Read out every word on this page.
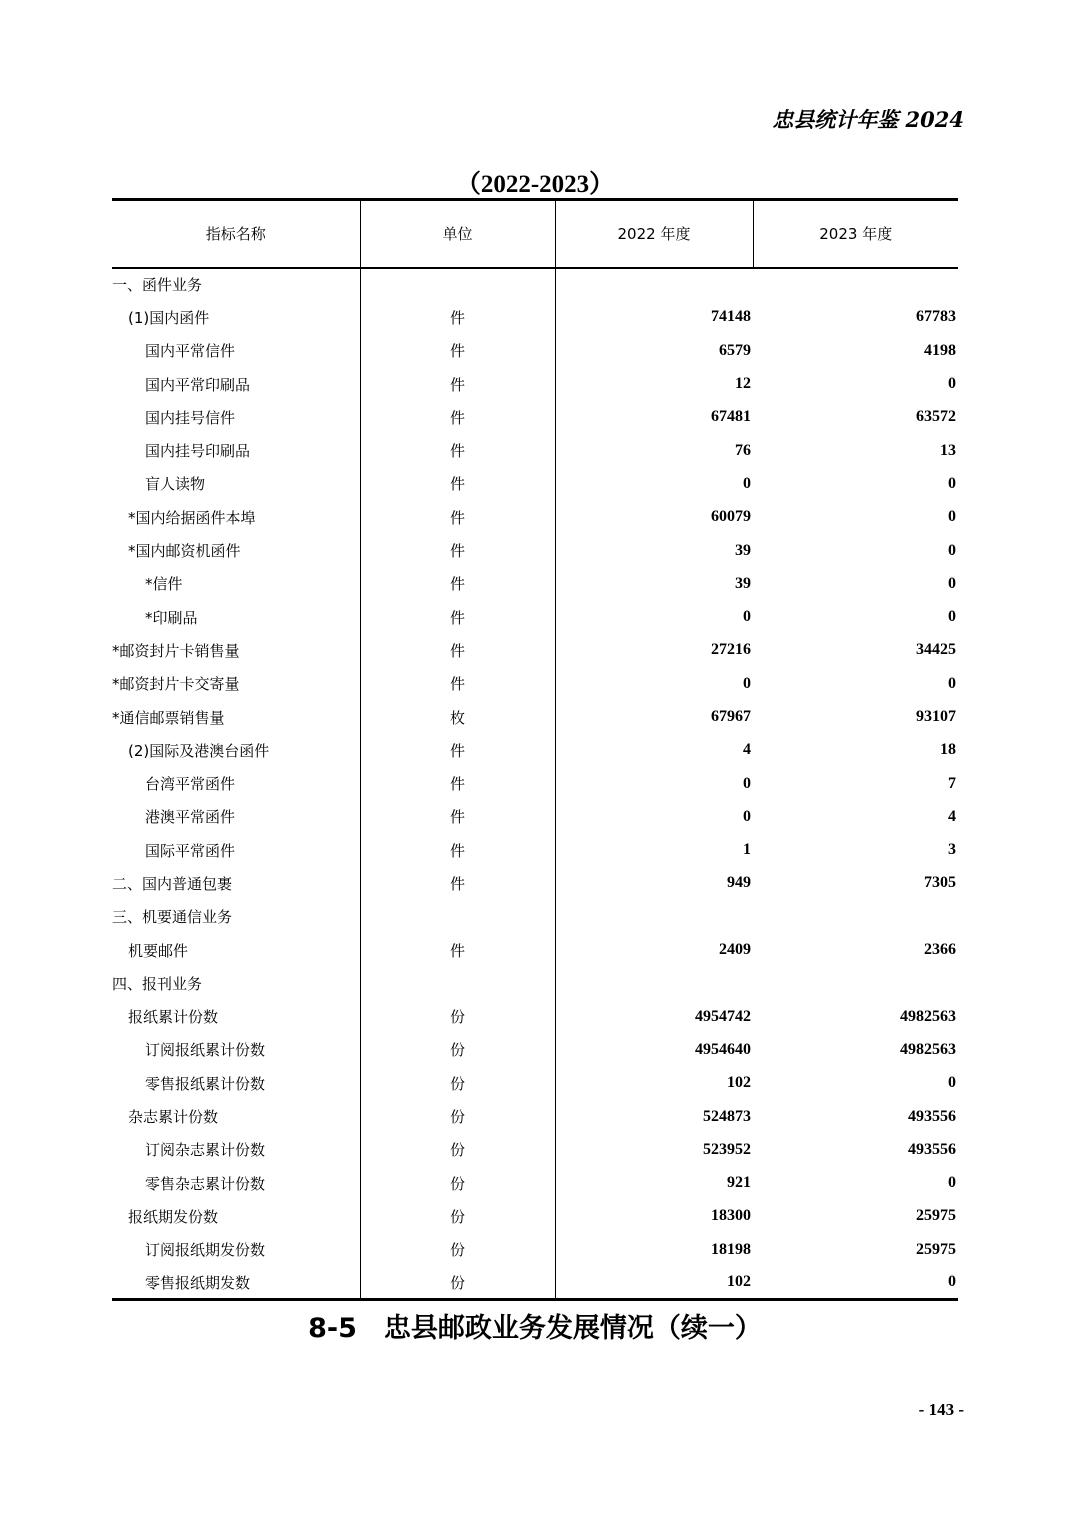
忠县统计年鉴 2024
（2022-2023）
指标名称	单位	2022 年度	2023 年度
一、函件业务			
(1)国内函件	件	74148	67783
国内平常信件	件	6579	4198
国内平常印刷品	件	12	0
国内挂号信件	件	67481	63572
国内挂号印刷品	件	76	13
盲人读物	件	0	0
*国内给据函件本埠	件	60079	0
*国内邮资机函件	件	39	0
*信件	件	39	0
*印刷品	件	0	0
*邮资封片卡销售量	件	27216	34425
*邮资封片卡交寄量	件	0	0
*通信邮票销售量	枚	67967	93107
(2)国际及港澳台函件	件	4	18
台湾平常函件	件	0	7
港澳平常函件	件	0	4
国际平常函件	件	1	3
二、国内普通包裹	件	949	7305
三、机要通信业务			
机要邮件	件	2409	2366
四、报刊业务			
报纸累计份数	份	4954742	4982563
订阅报纸累计份数	份	4954640	4982563
零售报纸累计份数	份	102	0
杂志累计份数	份	524873	493556
订阅杂志累计份数	份	523952	493556
零售杂志累计份数	份	921	0
报纸期发份数	份	18300	25975
订阅报纸期发份数	份	18198	25975
零售报纸期发数	份	102	0
8-5　忠县邮政业务发展情况（续一）
- 143 -
